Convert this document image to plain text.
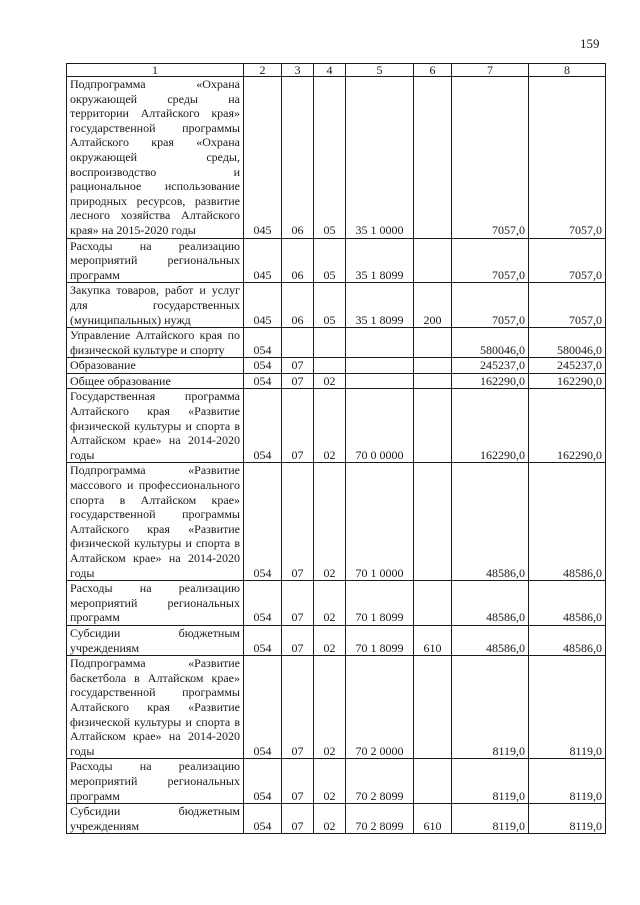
159
1	2	3	4	5	6	7	8
Подпрограмма «Охрана окружающей среды на территории Алтайского края» государственной программы Алтайского края «Охрана окружающей среды, воспроизводство и рациональное использование природных ресурсов, развитие лесного хозяйства Алтайского края» на 2015-2020 годы	045	06	05	35 1 0000		7057,0	7057,0
Расходы на реализацию мероприятий региональных программ	045	06	05	35 1 8099		7057,0	7057,0
Закупка товаров, работ и услуг для государственных (муниципальных) нужд	045	06	05	35 1 8099	200	7057,0	7057,0
Управление Алтайского края по физической культуре и спорту	054					580046,0	580046,0
Образование	054	07				245237,0	245237,0
Общее образование	054	07	02			162290,0	162290,0
Государственная программа Алтайского края «Развитие физической культуры и спорта в Алтайском крае» на 2014-2020 годы	054	07	02	70 0 0000		162290,0	162290,0
Подпрограмма «Развитие массового и профессионального спорта в Алтайском крае» государственной программы Алтайского края «Развитие физической культуры и спорта в Алтайском крае» на 2014-2020 годы	054	07	02	70 1 0000		48586,0	48586,0
Расходы на реализацию мероприятий региональных программ	054	07	02	70 1 8099		48586,0	48586,0
Субсидии бюджетным учреждениям	054	07	02	70 1 8099	610	48586,0	48586,0
Подпрограмма «Развитие баскетбола в Алтайском крае» государственной программы Алтайского края «Развитие физической культуры и спорта в Алтайском крае» на 2014-2020 годы	054	07	02	70 2 0000		8119,0	8119,0
Расходы на реализацию мероприятий региональных программ	054	07	02	70 2 8099		8119,0	8119,0
Субсидии бюджетным учреждениям	054	07	02	70 2 8099	610	8119,0	8119,0
